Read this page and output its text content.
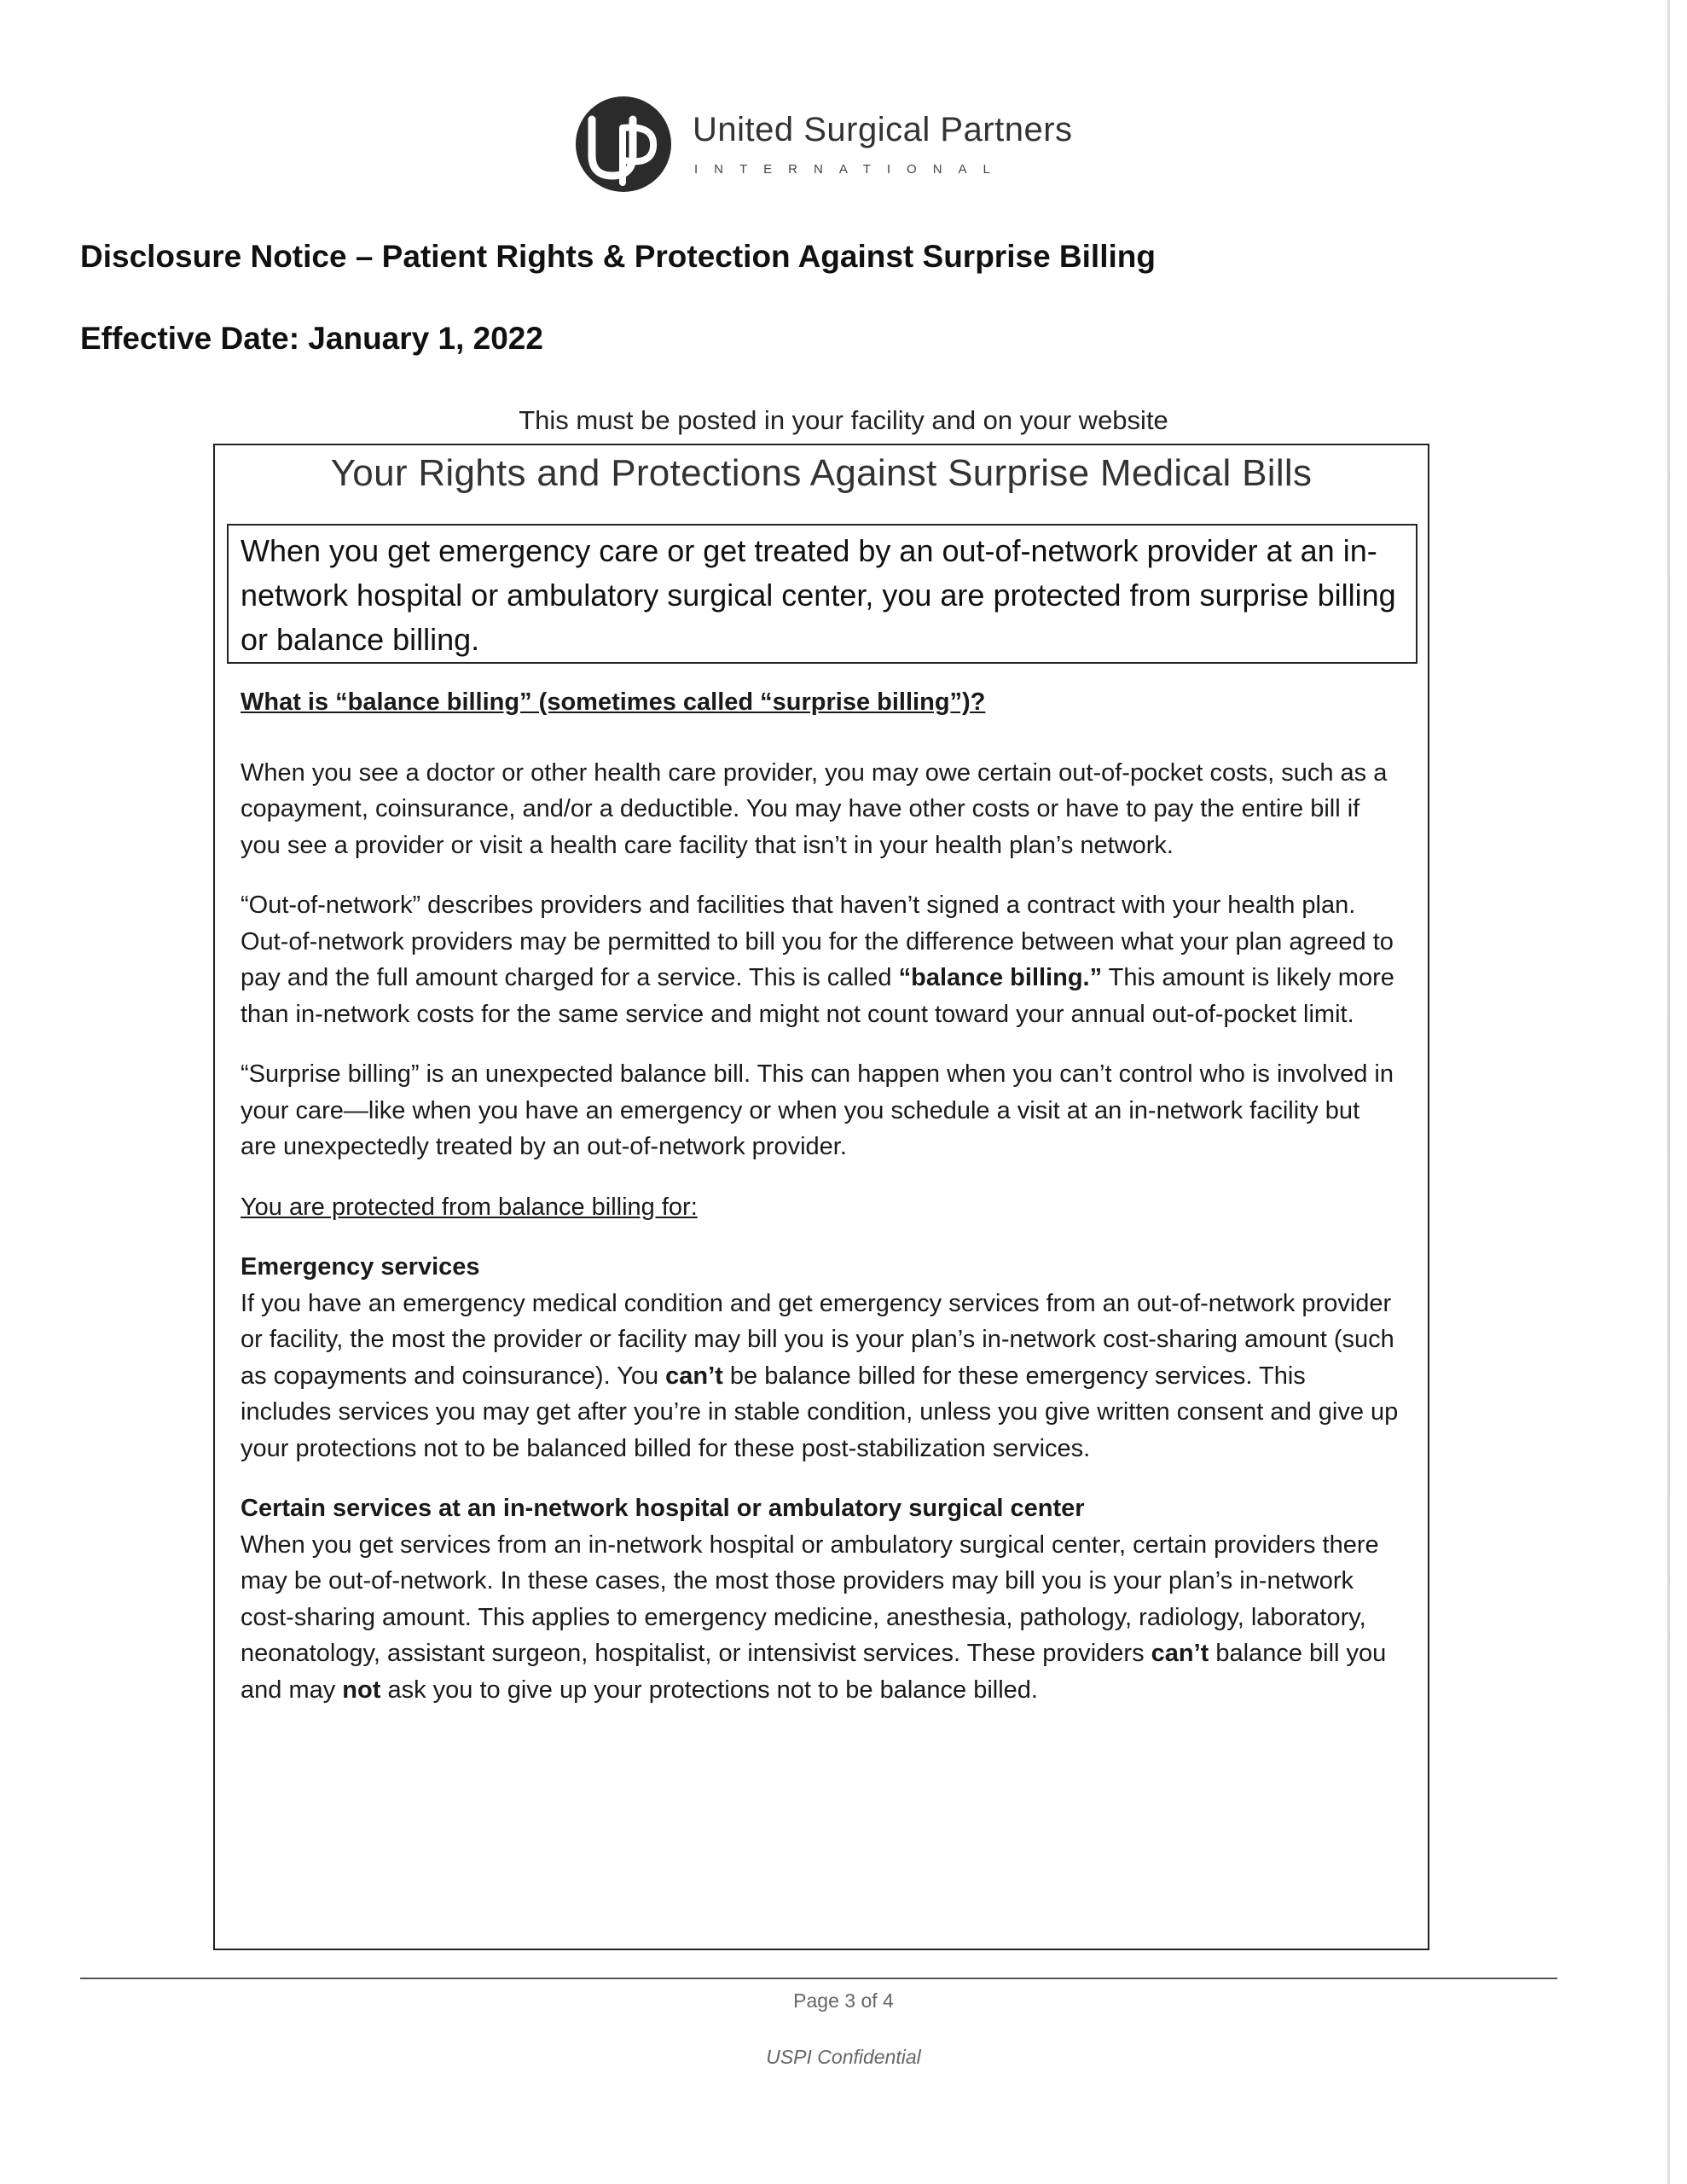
United Surgical Partners
INTERNATIONAL
Disclosure Notice – Patient Rights & Protection Against Surprise Billing
Effective Date: January 1, 2022
This must be posted in your facility and on your website
Your Rights and Protections Against Surprise Medical Bills
When you get emergency care or get treated by an out-of-network provider at an in-network hospital or ambulatory surgical center, you are protected from surprise billing or balance billing.

What is “balance billing” (sometimes called “surprise billing”)?

When you see a doctor or other health care provider, you may owe certain out-of-pocket costs, such as a copayment, coinsurance, and/or a deductible. You may have other costs or have to pay the entire bill if you see a provider or visit a health care facility that isn’t in your health plan’s network.

“Out-of-network” describes providers and facilities that haven’t signed a contract with your health plan. Out-of-network providers may be permitted to bill you for the difference between what your plan agreed to pay and the full amount charged for a service. This is called “balance billing.” This amount is likely more than in-network costs for the same service and might not count toward your annual out-of-pocket limit.

“Surprise billing” is an unexpected balance bill. This can happen when you can’t control who is involved in your care—like when you have an emergency or when you schedule a visit at an in-network facility but are unexpectedly treated by an out-of-network provider.

You are protected from balance billing for:

Emergency services

If you have an emergency medical condition and get emergency services from an out-of-network provider or facility, the most the provider or facility may bill you is your plan’s in-network cost-sharing amount (such as copayments and coinsurance). You can’t be balance billed for these emergency services. This includes services you may get after you’re in stable condition, unless you give written consent and give up your protections not to be balanced billed for these post-stabilization services.

Certain services at an in-network hospital or ambulatory surgical center

When you get services from an in-network hospital or ambulatory surgical center, certain providers there may be out-of-network. In these cases, the most those providers may bill you is your plan’s in-network cost-sharing amount. This applies to emergency medicine, anesthesia, pathology, radiology, laboratory, neonatology, assistant surgeon, hospitalist, or intensivist services. These providers can’t balance bill you and may not ask you to give up your protections not to be balance billed.

Page 3 of 4
USPI Confidential
